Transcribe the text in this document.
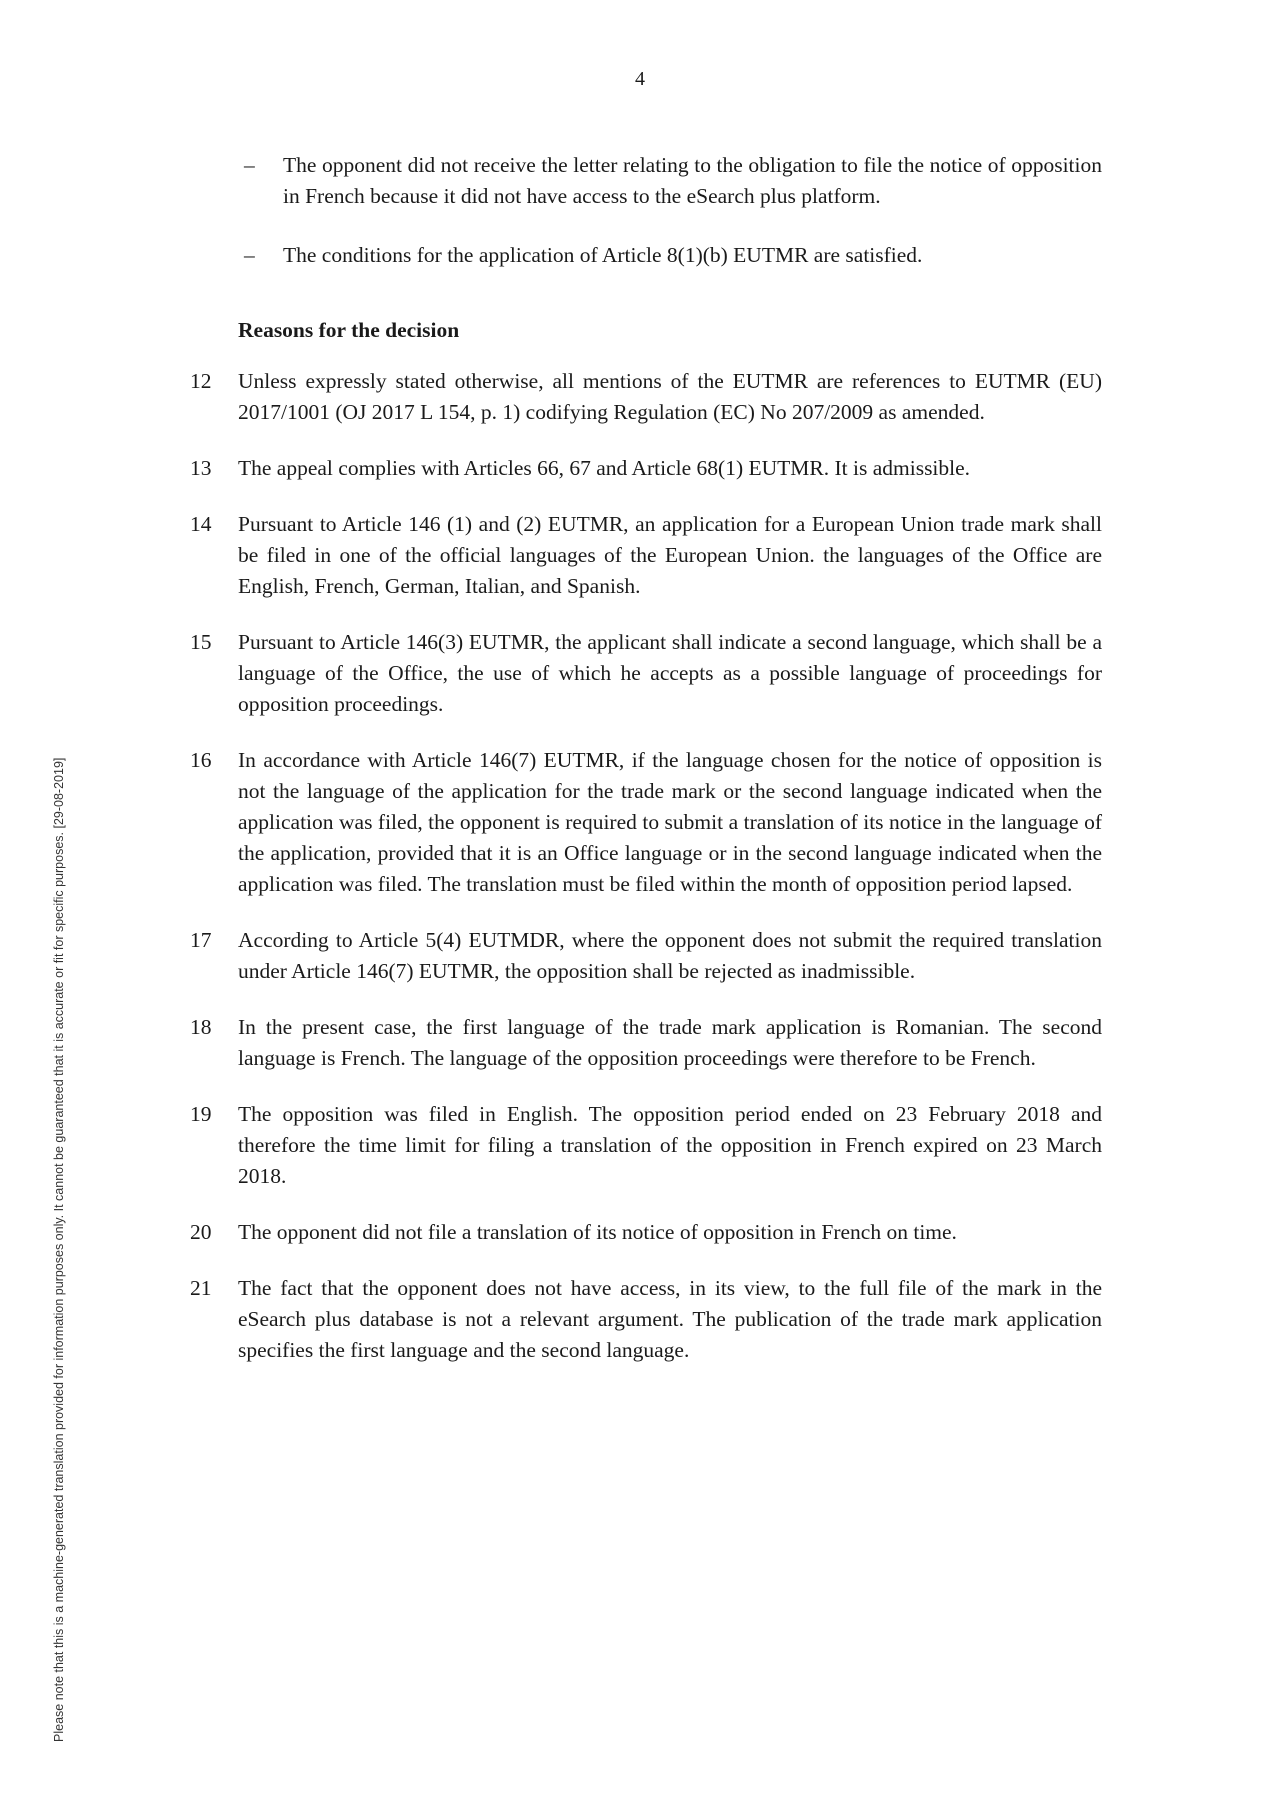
4
Please note that this is a machine-generated translation provided for information purposes only. It cannot be guaranteed that it is accurate or fit for specific purposes. [29-08-2019]
–	The opponent did not receive the letter relating to the obligation to file the notice of opposition in French because it did not have access to the eSearch plus platform.
–	The conditions for the application of Article 8(1)(b) EUTMR are satisfied.
Reasons for the decision
12	Unless expressly stated otherwise, all mentions of the EUTMR are references to EUTMR (EU) 2017/1001 (OJ 2017 L 154, p. 1) codifying Regulation (EC) No 207/2009 as amended.
13	The appeal complies with Articles 66, 67 and Article 68(1) EUTMR. It is admissible.
14	Pursuant to Article 146 (1) and (2) EUTMR, an application for a European Union trade mark shall be filed in one of the official languages of the European Union. the languages of the Office are English, French, German, Italian, and Spanish.
15	Pursuant to Article 146(3) EUTMR, the applicant shall indicate a second language, which shall be a language of the Office, the use of which he accepts as a possible language of proceedings for opposition proceedings.
16	In accordance with Article 146(7) EUTMR, if the language chosen for the notice of opposition is not the language of the application for the trade mark or the second language indicated when the application was filed, the opponent is required to submit a translation of its notice in the language of the application, provided that it is an Office language or in the second language indicated when the application was filed. The translation must be filed within the month of opposition period lapsed.
17	According to Article 5(4) EUTMDR, where the opponent does not submit the required translation under Article 146(7) EUTMR, the opposition shall be rejected as inadmissible.
18	In the present case, the first language of the trade mark application is Romanian. The second language is French. The language of the opposition proceedings were therefore to be French.
19	The opposition was filed in English. The opposition period ended on 23 February 2018 and therefore the time limit for filing a translation of the opposition in French expired on 23 March 2018.
20	The opponent did not file a translation of its notice of opposition in French on time.
21	The fact that the opponent does not have access, in its view, to the full file of the mark in the eSearch plus database is not a relevant argument. The publication of the trade mark application specifies the first language and the second language.
